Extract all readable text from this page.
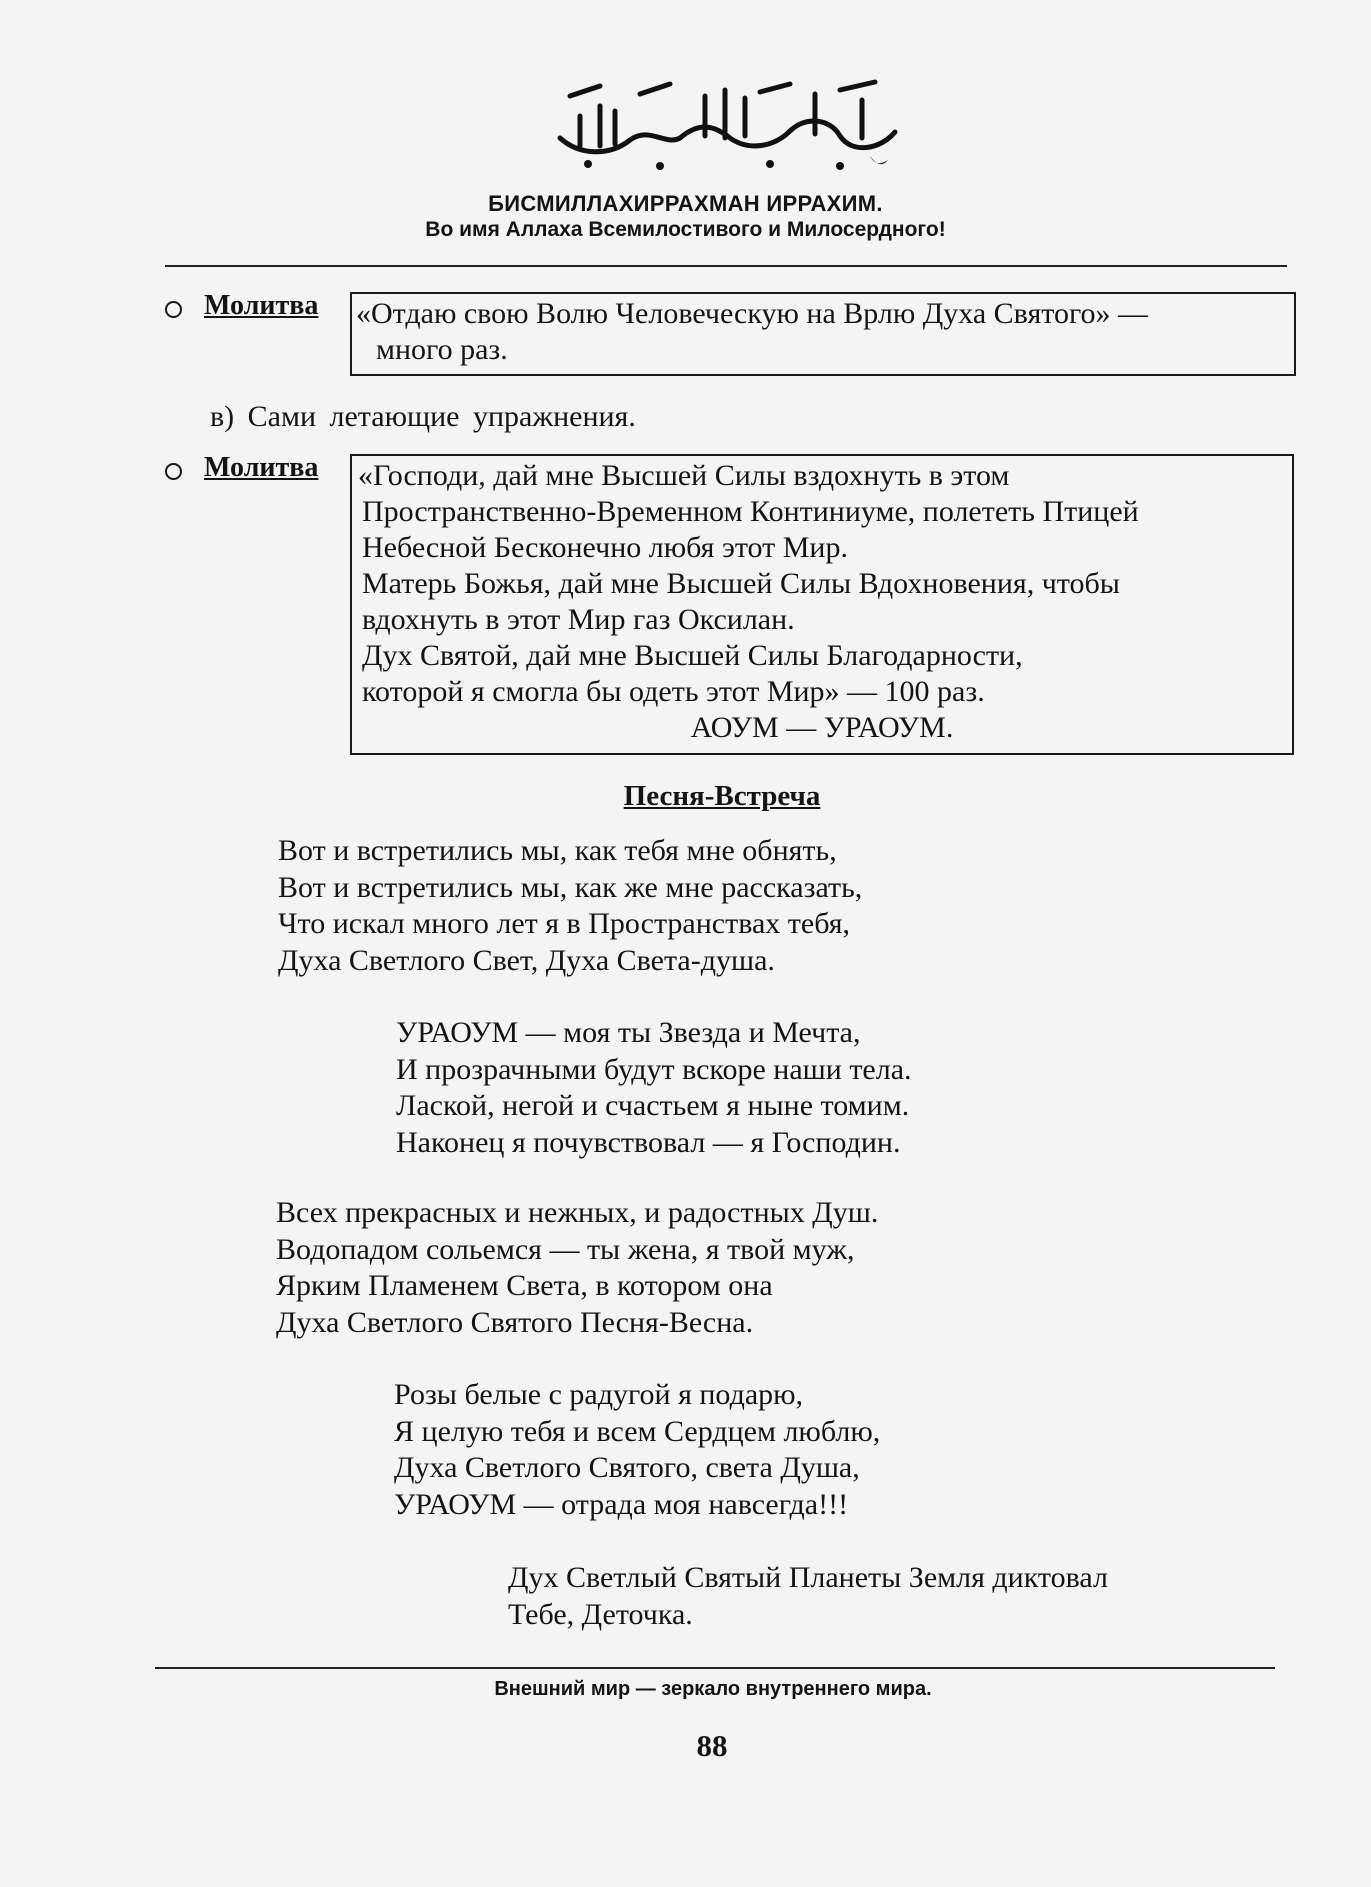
БИСМИЛЛАХИРРАХМАН ИРРАХИМ.
Во имя Аллаха Всемилостивого и Милосердного!
Молитва «Отдаю свою Волю Человеческую на Врлю Духа Святого» —
много раз.
в) Сами летающие упражнения.
Молитва «Господи, дай мне Высшей Силы вздохнуть в этом
Пространственно-Временном Континиуме, полететь Птицей
Небесной Бесконечно любя этот Мир.
Матерь Божья, дай мне Высшей Силы Вдохновения, чтобы
вдохнуть в этот Мир газ Оксилан.
Дух Святой, дай мне Высшей Силы Благодарности,
которой я смогла бы одеть этот Мир» — 100 раз.
АОУМ — УРАОУМ.
Песня-Встреча
Вот и встретились мы, как тебя мне обнять,
Вот и встретились мы, как же мне рассказать,
Что искал много лет я в Пространствах тебя,
Духа Светлого Свет, Духа Света-душа.
УРАОУМ — моя ты Звезда и Мечта,
И прозрачными будут вскоре наши тела.
Лаской, негой и счастьем я ныне томим.
Наконец я почувствовал — я Господин.
Всех прекрасных и нежных, и радостных Душ.
Водопадом сольемся — ты жена, я твой муж,
Ярким Пламенем Света, в котором она
Духа Светлого Святого Песня-Весна.
Розы белые с радугой я подарю,
Я целую тебя и всем Сердцем люблю,
Духа Светлого Святого, света Душа,
УРАОУМ — отрада моя навсегда!!!
Дух Светлый Святый Планеты Земля диктовал
Тебе, Деточка.
Внешний мир — зеркало внутреннего мира.
88
